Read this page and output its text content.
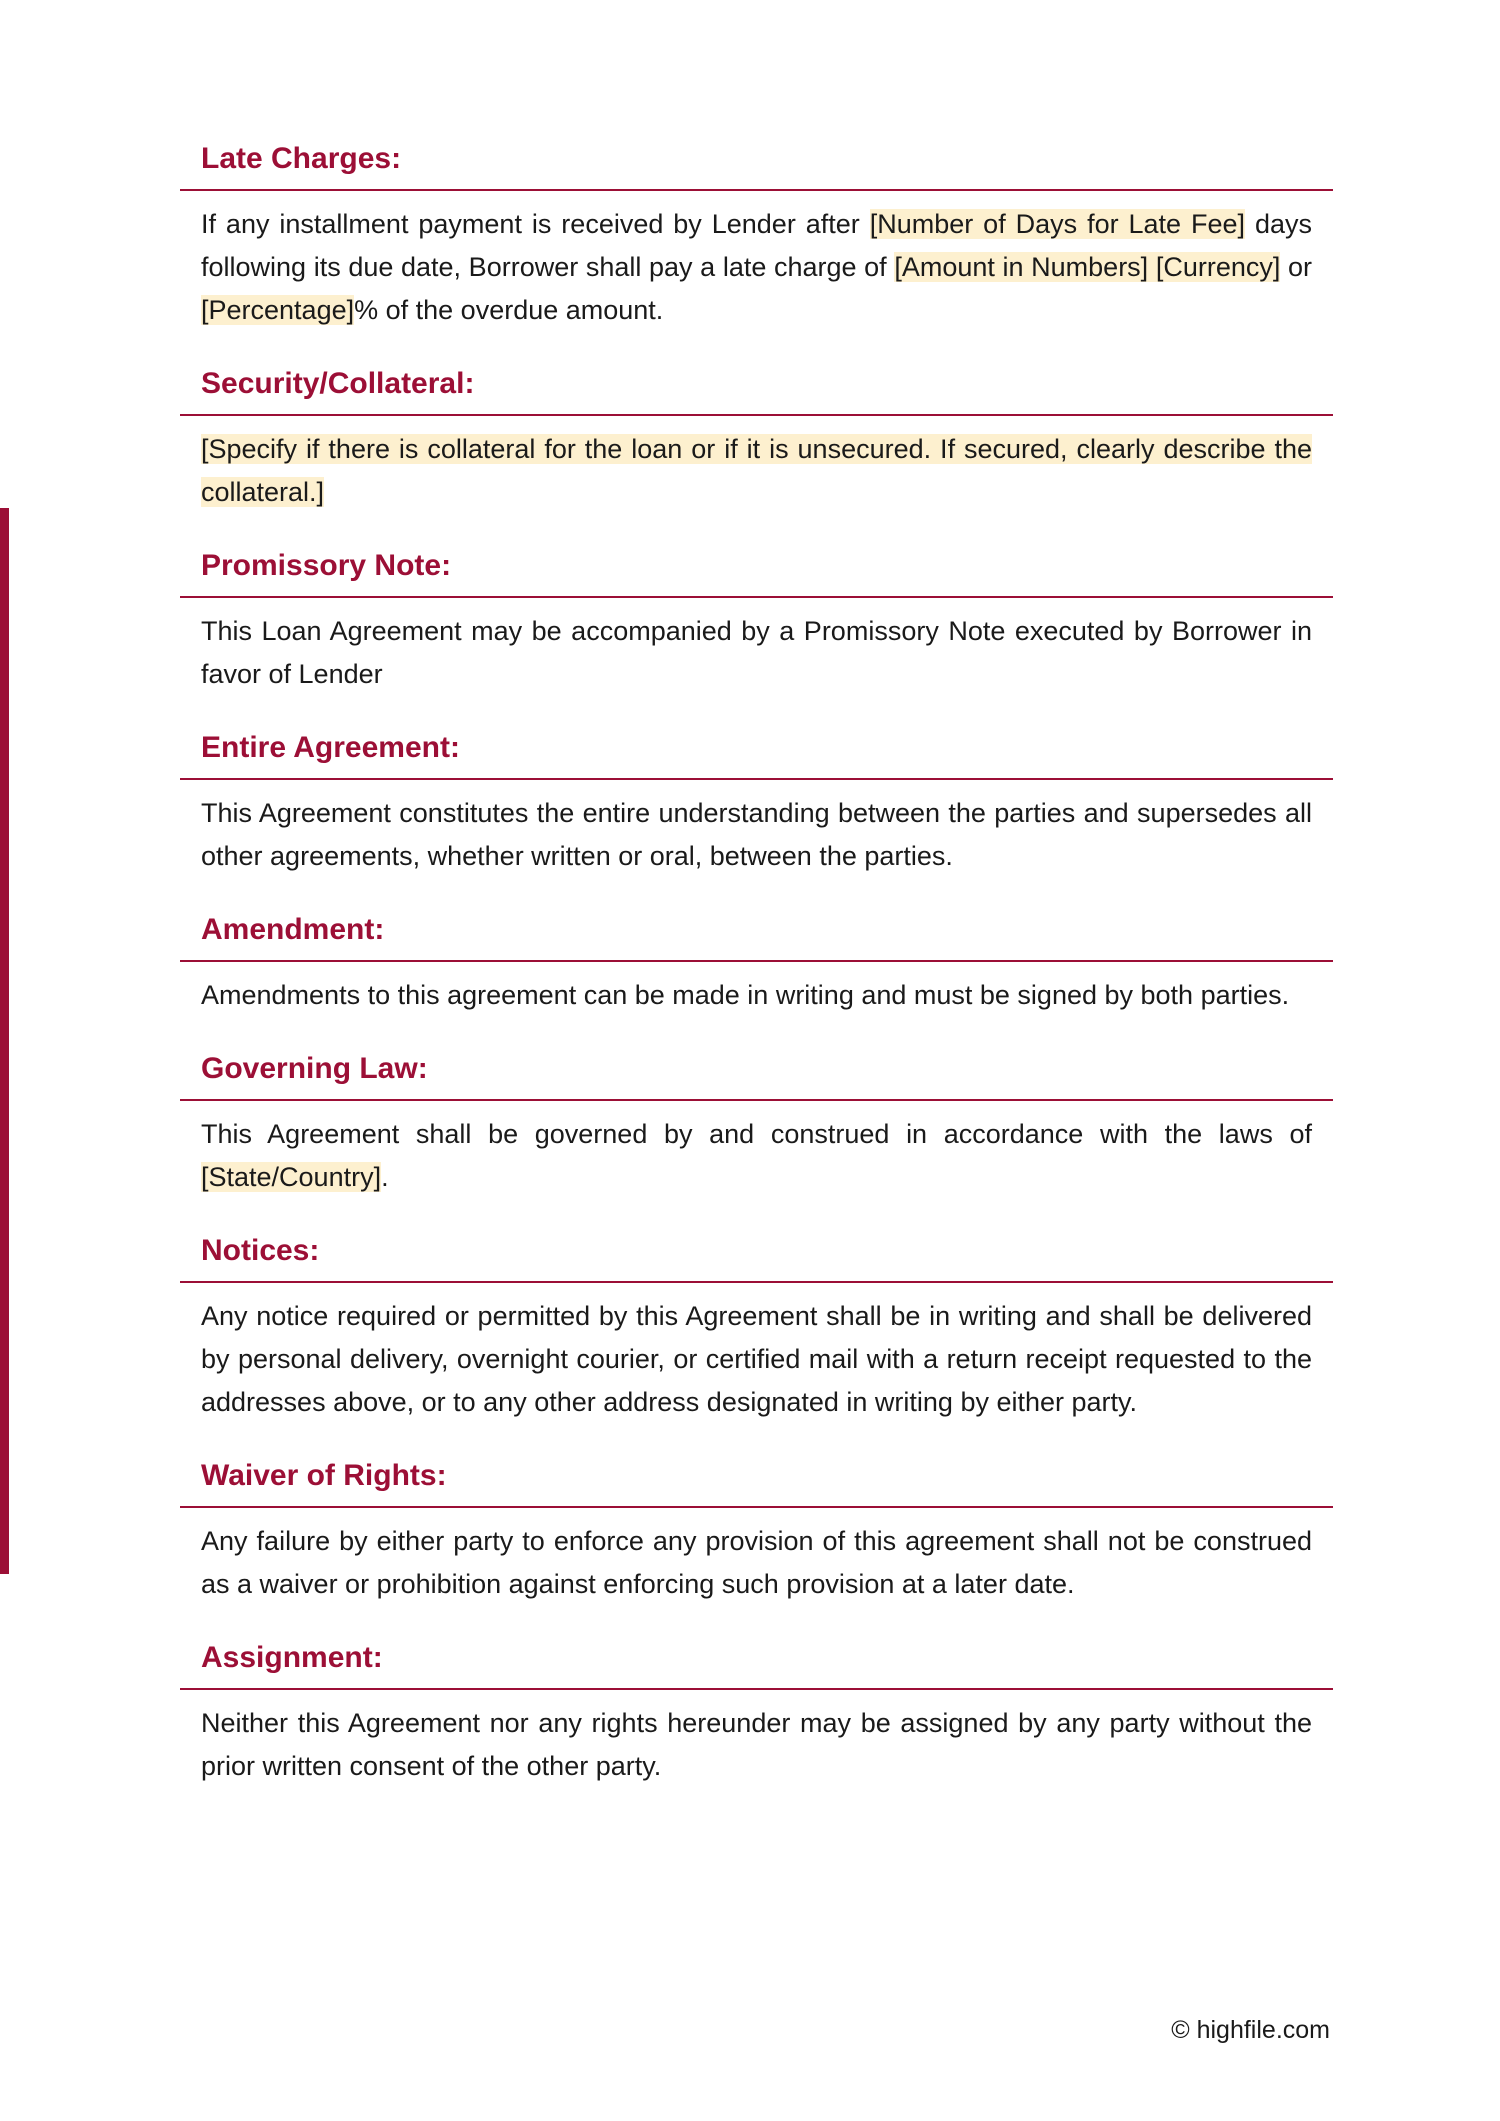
Late Charges:
If any installment payment is received by Lender after [Number of Days for Late Fee] days following its due date, Borrower shall pay a late charge of [Amount in Numbers] [Currency] or [Percentage]% of the overdue amount.
Security/Collateral:
[Specify if there is collateral for the loan or if it is unsecured. If secured, clearly describe the collateral.]
Promissory Note:
This Loan Agreement may be accompanied by a Promissory Note executed by Borrower in favor of Lender
Entire Agreement:
This Agreement constitutes the entire understanding between the parties and supersedes all other agreements, whether written or oral, between the parties.
Amendment:
Amendments to this agreement can be made in writing and must be signed by both parties.
Governing Law:
This Agreement shall be governed by and construed in accordance with the laws of [State/Country].
Notices:
Any notice required or permitted by this Agreement shall be in writing and shall be delivered by personal delivery, overnight courier, or certified mail with a return receipt requested to the addresses above, or to any other address designated in writing by either party.
Waiver of Rights:
Any failure by either party to enforce any provision of this agreement shall not be construed as a waiver or prohibition against enforcing such provision at a later date.
Assignment:
Neither this Agreement nor any rights hereunder may be assigned by any party without the prior written consent of the other party.
© highfile.com
